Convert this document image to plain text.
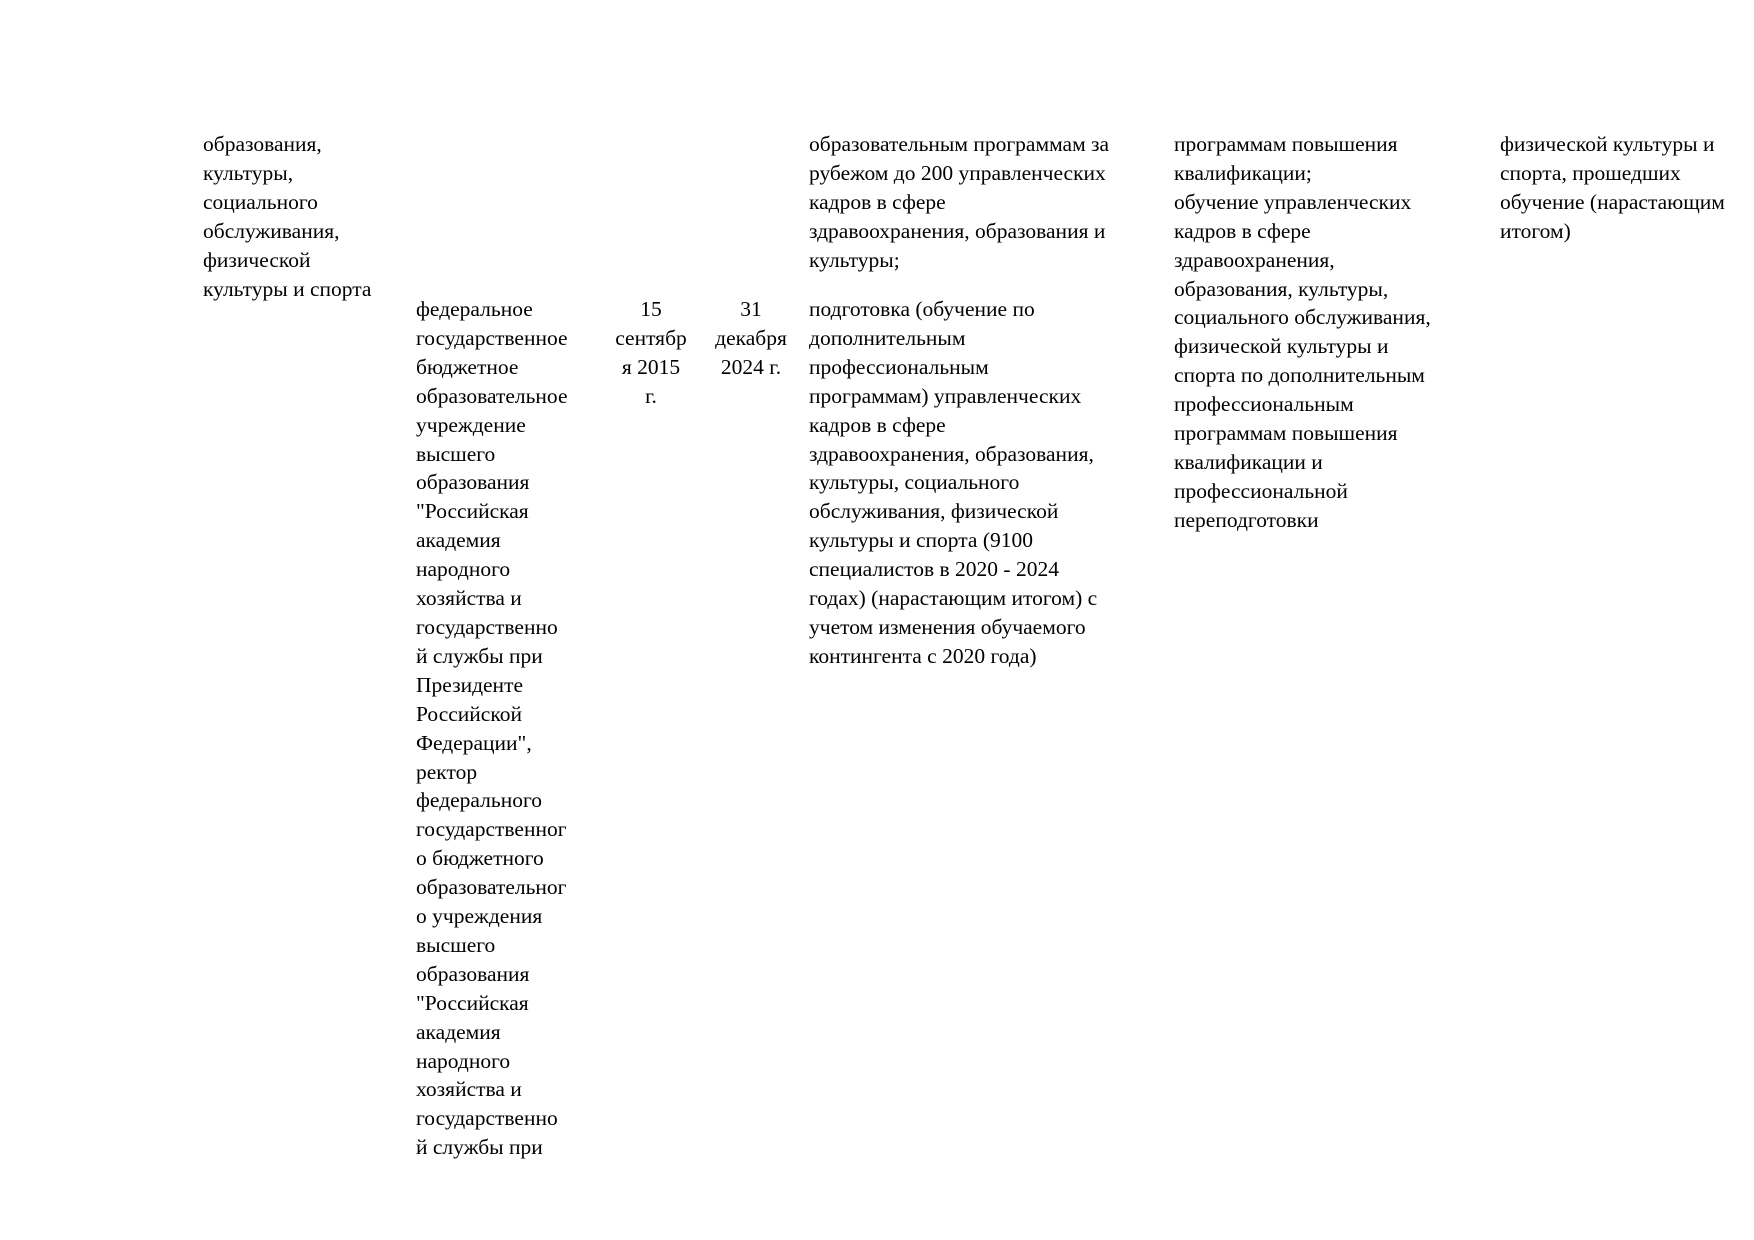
образования,
культуры,
социального
обслуживания,
физической
культуры и спорта
федеральное
государственное
бюджетное
образовательное
учреждение
высшего
образования
"Российская
академия
народного
хозяйства и
государственно
й службы при
Президенте
Российской
Федерации",
ректор
федерального
государственног
о бюджетного
образовательног
о учреждения
высшего
образования
"Российская
академия
народного
хозяйства и
государственно
й службы при
15
сентябр
я 2015
г.
31
декабря
2024 г.
образовательным программам за
рубежом до 200 управленческих
кадров в сфере
здравоохранения, образования и
культуры;
подготовка (обучение по
дополнительным
профессиональным
программам) управленческих
кадров в сфере
здравоохранения, образования,
культуры, социального
обслуживания, физической
культуры и спорта (9100
специалистов в 2020 - 2024
годах) (нарастающим итогом) с
учетом изменения обучаемого
контингента с 2020 года)
программам повышения
квалификации;
обучение управленческих
кадров в сфере
здравоохранения,
образования, культуры,
социального обслуживания,
физической культуры и
спорта по дополнительным
профессиональным
программам повышения
квалификации и
профессиональной
переподготовки
физической культуры и
спорта, прошедших
обучение (нарастающим
итогом)
